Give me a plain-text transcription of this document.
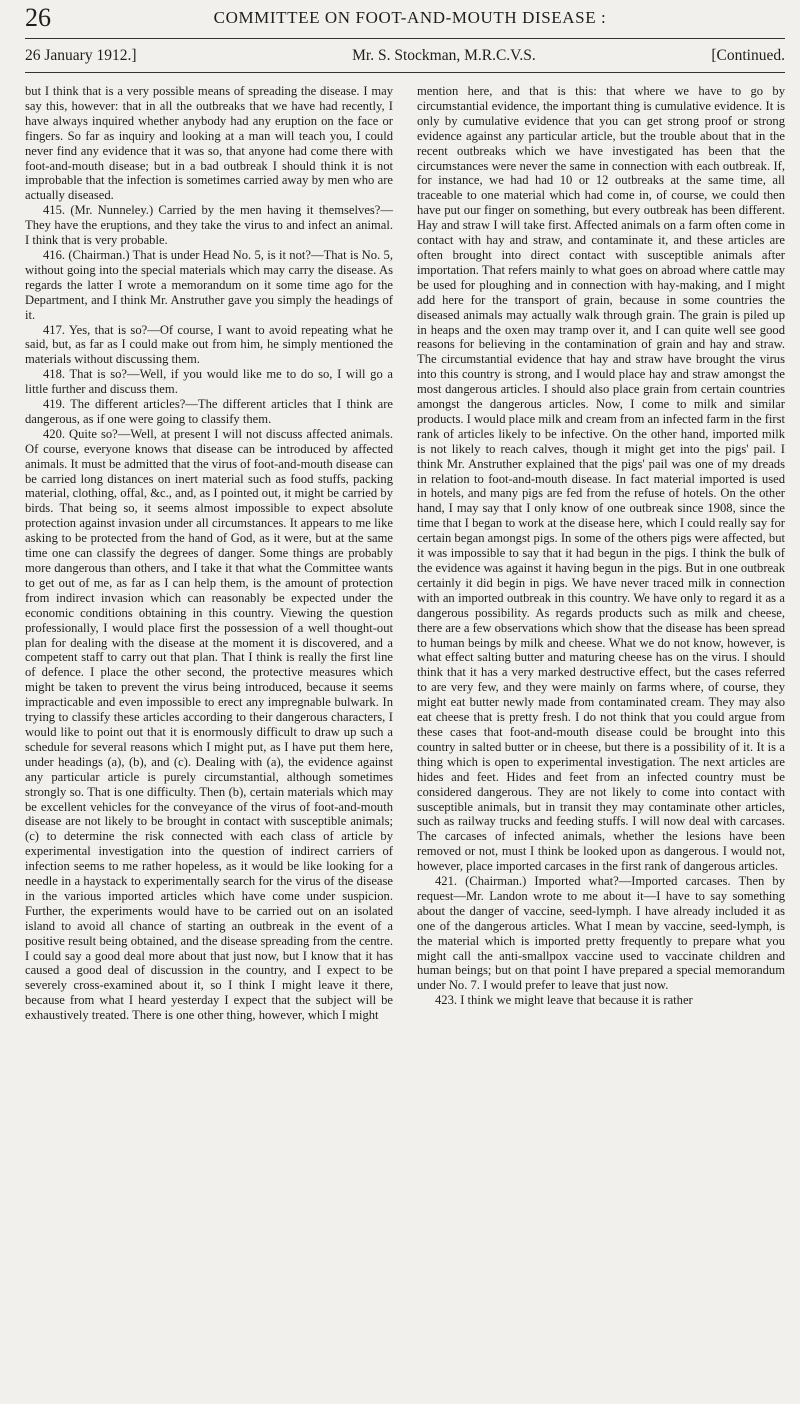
26	COMMITTEE ON FOOT-AND-MOUTH DISEASE :
26 January 1912.]	Mr. S. Stockman, M.R.C.V.S.	[Continued.

but I think that is a very possible means of spreading the disease. I may say this, however: that in all the outbreaks that we have had recently, I have always inquired whether anybody had any eruption on the face or fingers. So far as inquiry and looking at a man will teach you, I could never find any evidence that it was so, that anyone had come there with foot-and-mouth disease; but in a bad outbreak I should think it is not improbable that the infection is sometimes carried away by men who are actually diseased.

415. (Mr. Nunneley.) Carried by the men having it themselves?—They have the eruptions, and they take the virus to and infect an animal. I think that is very probable.

416. (Chairman.) That is under Head No. 5, is it not?—That is No. 5, without going into the special materials which may carry the disease. As regards the latter I wrote a memorandum on it some time ago for the Department, and I think Mr. Anstruther gave you simply the headings of it.

417. Yes, that is so?—Of course, I want to avoid repeating what he said, but, as far as I could make out from him, he simply mentioned the materials without discussing them.

418. That is so?—Well, if you would like me to do so, I will go a little further and discuss them.

419. The different articles?—The different articles that I think are dangerous, as if one were going to classify them.

420. Quite so?—Well, at present I will not discuss affected animals. Of course, everyone knows that disease can be introduced by affected animals. It must be admitted that the virus of foot-and-mouth disease can be carried long distances on inert material such as food stuffs, packing material, clothing, offal, &c., and, as I pointed out, it might be carried by birds. That being so, it seems almost impossible to expect absolute protection against invasion under all circumstances. It appears to me like asking to be protected from the hand of God, as it were, but at the same time one can classify the degrees of danger. Some things are probably more dangerous than others, and I take it that what the Committee wants to get out of me, as far as I can help them, is the amount of protection from indirect invasion which can reasonably be expected under the economic conditions obtaining in this country. Viewing the question professionally, I would place first the possession of a well thought-out plan for dealing with the disease at the moment it is discovered, and a competent staff to carry out that plan. That I think is really the first line of defence. I place the other second, the protective measures which might be taken to prevent the virus being introduced, because it seems impracticable and even impossible to erect any impregnable bulwark. In trying to classify these articles according to their dangerous characters, I would like to point out that it is enormously difficult to draw up such a schedule for several reasons which I might put, as I have put them here, under headings (a), (b), and (c). Dealing with (a), the evidence against any particular article is purely circumstantial, although sometimes strongly so. That is one difficulty. Then (b), certain materials which may be excellent vehicles for the conveyance of the virus of foot-and-mouth disease are not likely to be brought in contact with susceptible animals; (c) to determine the risk connected with each class of article by experimental investigation into the question of indirect carriers of infection seems to me rather hopeless, as it would be like looking for a needle in a haystack to experimentally search for the virus of the disease in the various imported articles which have come under suspicion. Further, the experiments would have to be carried out on an isolated island to avoid all chance of starting an outbreak in the event of a positive result being obtained, and the disease spreading from the centre. I could say a good deal more about that just now, but I know that it has caused a good deal of discussion in the country, and I expect to be severely cross-examined about it, so I think I might leave it there, because from what I heard yesterday I expect that the subject will be exhaustively treated. There is one other thing, however, which I might

mention here, and that is this: that where we have to go by circumstantial evidence, the important thing is cumulative evidence. It is only by cumulative evidence that you can get strong proof or strong evidence against any particular article, but the trouble about that in the recent outbreaks which we have investigated has been that the circumstances were never the same in connection with each outbreak. If, for instance, we had had 10 or 12 outbreaks at the same time, all traceable to one material which had come in, of course, we could then have put our finger on something, but every outbreak has been different. Hay and straw I will take first. Affected animals on a farm often come in contact with hay and straw, and contaminate it, and these articles are often brought into direct contact with susceptible animals after importation. That refers mainly to what goes on abroad where cattle may be used for ploughing and in connection with hay-making, and I might add here for the transport of grain, because in some countries the diseased animals may actually walk through grain. The grain is piled up in heaps and the oxen may tramp over it, and I can quite well see good reasons for believing in the contamination of grain and hay and straw. The circumstantial evidence that hay and straw have brought the virus into this country is strong, and I would place hay and straw amongst the most dangerous articles. I should also place grain from certain countries amongst the dangerous articles. Now, I come to milk and similar products. I would place milk and cream from an infected farm in the first rank of articles likely to be infective. On the other hand, imported milk is not likely to reach calves, though it might get into the pigs' pail. I think Mr. Anstruther explained that the pigs' pail was one of my dreads in relation to foot-and-mouth disease. In fact material imported is used in hotels, and many pigs are fed from the refuse of hotels. On the other hand, I may say that I only know of one outbreak since 1908, since the time that I began to work at the disease here, which I could really say for certain began amongst pigs. In some of the others pigs were affected, but it was impossible to say that it had begun in the pigs. I think the bulk of the evidence was against it having begun in the pigs. But in one outbreak certainly it did begin in pigs. We have never traced milk in connection with an imported outbreak in this country. We have only to regard it as a dangerous possibility. As regards products such as milk and cheese, there are a few observations which show that the disease has been spread to human beings by milk and cheese. What we do not know, however, is what effect salting butter and maturing cheese has on the virus. I should think that it has a very marked destructive effect, but the cases referred to are very few, and they were mainly on farms where, of course, they might eat butter newly made from contaminated cream. They may also eat cheese that is pretty fresh. I do not think that you could argue from these cases that foot-and-mouth disease could be brought into this country in salted butter or in cheese, but there is a possibility of it. It is a thing which is open to experimental investigation. The next articles are hides and feet. Hides and feet from an infected country must be considered dangerous. They are not likely to come into contact with susceptible animals, but in transit they may contaminate other articles, such as railway trucks and feeding stuffs. I will now deal with carcases. The carcases of infected animals, whether the lesions have been removed or not, must I think be looked upon as dangerous. I would not, however, place imported carcases in the first rank of dangerous articles.

421. (Chairman.) Imported what?—Imported carcases. Then by request—Mr. Landon wrote to me about it—I have to say something about the danger of vaccine, seed-lymph. I have already included it as one of the dangerous articles. What I mean by vaccine, seed-lymph, is the material which is imported pretty frequently to prepare what you might call the anti-smallpox vaccine used to vaccinate children and human beings; but on that point I have prepared a special memorandum under No. 7. I would prefer to leave that just now.

423. I think we might leave that because it is rather
